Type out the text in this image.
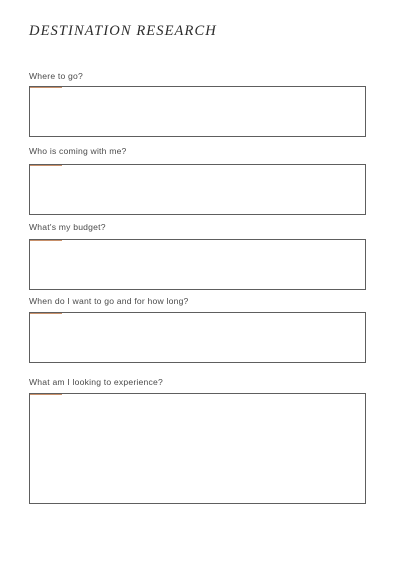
DESTINATION RESEARCH
Where to go?
Who is coming with me?
What's my budget?
When do I want to go and for how long?
What am I looking to experience?
